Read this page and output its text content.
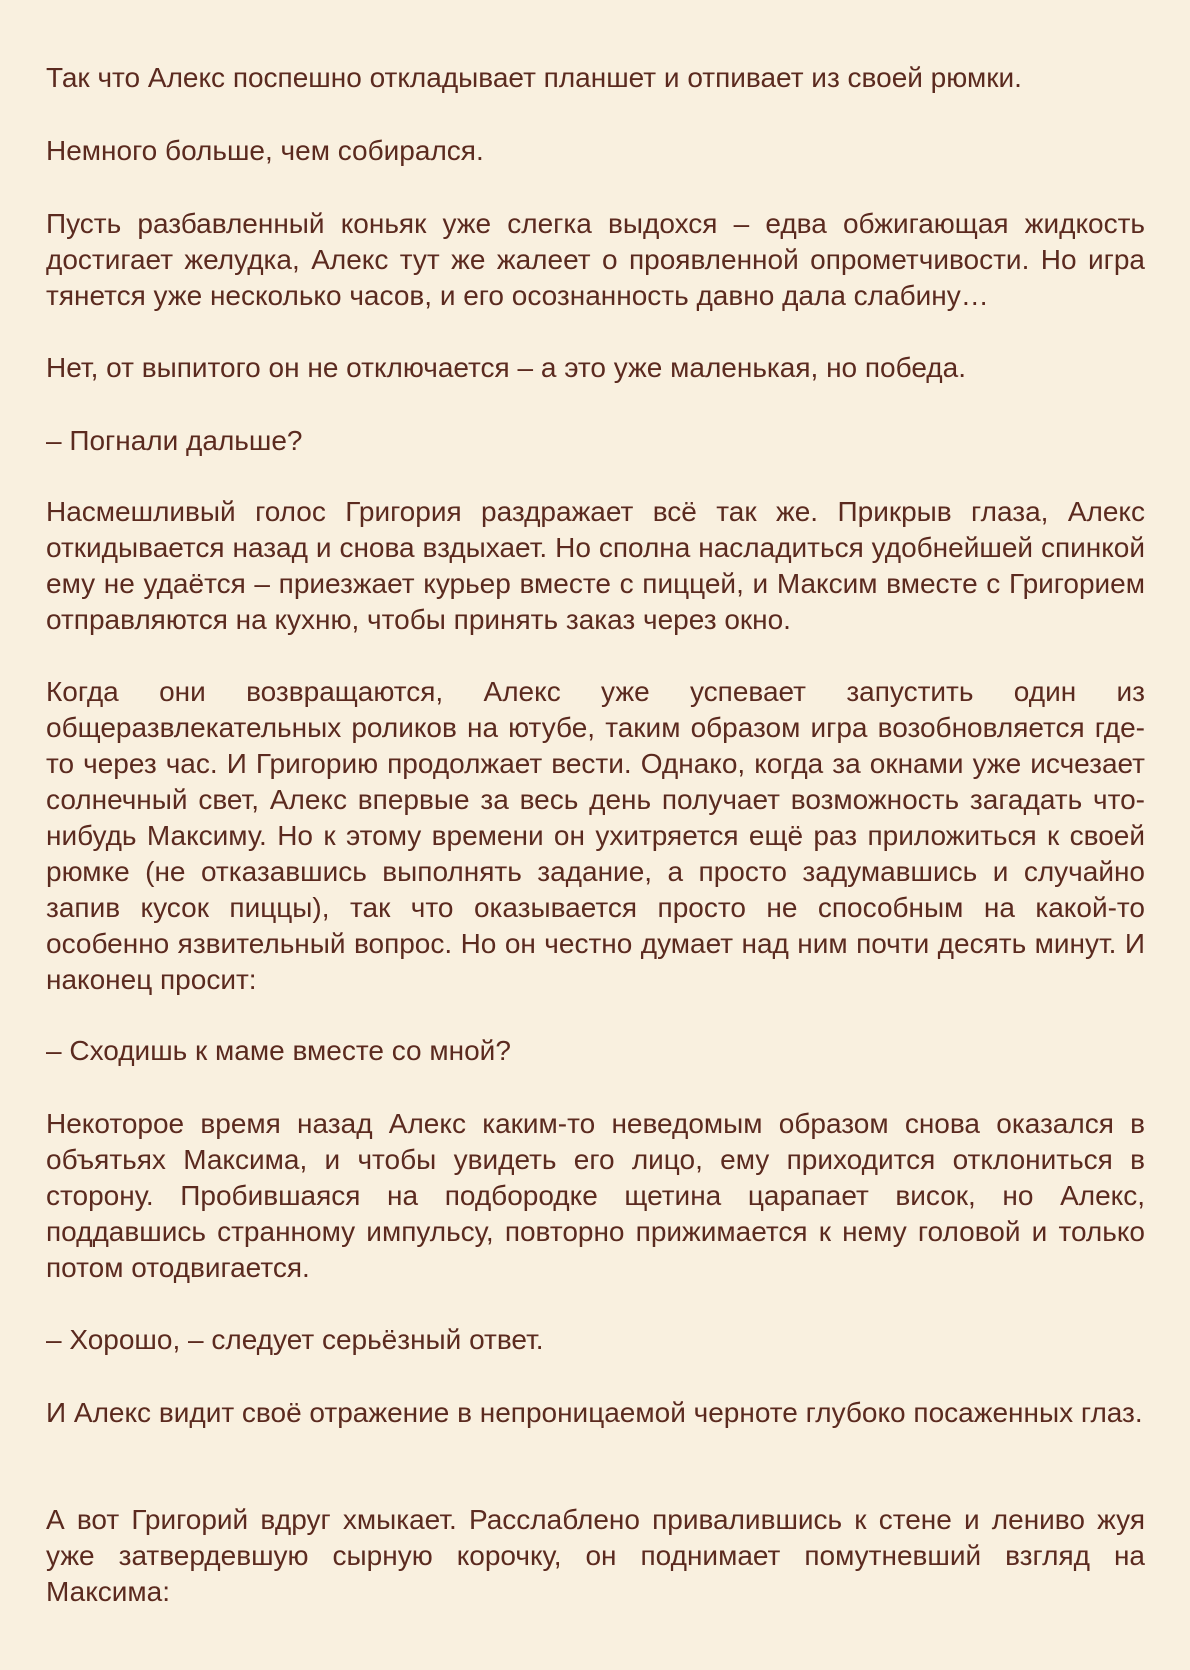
Так что Алекс поспешно откладывает планшет и отпивает из своей рюмки.

Немного больше, чем собирался.

Пусть разбавленный коньяк уже слегка выдохся – едва обжигающая жидкость достигает желудка, Алекс тут же жалеет о проявленной опрометчивости. Но игра тянется уже несколько часов, и его осознанность давно дала слабину…

Нет, от выпитого он не отключается – а это уже маленькая, но победа.

– Погнали дальше?

Насмешливый голос Григория раздражает всё так же. Прикрыв глаза, Алекс откидывается назад и снова вздыхает. Но сполна насладиться удобнейшей спинкой ему не удаётся – приезжает курьер вместе с пиццей, и Максим вместе с Григорием отправляются на кухню, чтобы принять заказ через окно.

Когда они возвращаются, Алекс уже успевает запустить один из общеразвлекательных роликов на ютубе, таким образом игра возобновляется где-то через час. И Григорию продолжает вести. Однако, когда за окнами уже исчезает солнечный свет, Алекс впервые за весь день получает возможность загадать что-нибудь Максиму. Но к этому времени он ухитряется ещё раз приложиться к своей рюмке (не отказавшись выполнять задание, а просто задумавшись и случайно запив кусок пиццы), так что оказывается просто не способным на какой-то особенно язвительный вопрос. Но он честно думает над ним почти десять минут. И наконец просит:

– Сходишь к маме вместе со мной?

Некоторое время назад Алекс каким-то неведомым образом снова оказался в объятьях Максима, и чтобы увидеть его лицо, ему приходится отклониться в сторону. Пробившаяся на подбородке щетина царапает висок, но Алекс, поддавшись странному импульсу, повторно прижимается к нему головой и только потом отодвигается.

– Хорошо, – следует серьёзный ответ.

И Алекс видит своё отражение в непроницаемой черноте глубоко посаженных глаз.

А вот Григорий вдруг хмыкает. Расслаблено привалившись к стене и лениво жуя уже затвердевшую сырную корочку, он поднимает помутневший взгляд на Максима:
